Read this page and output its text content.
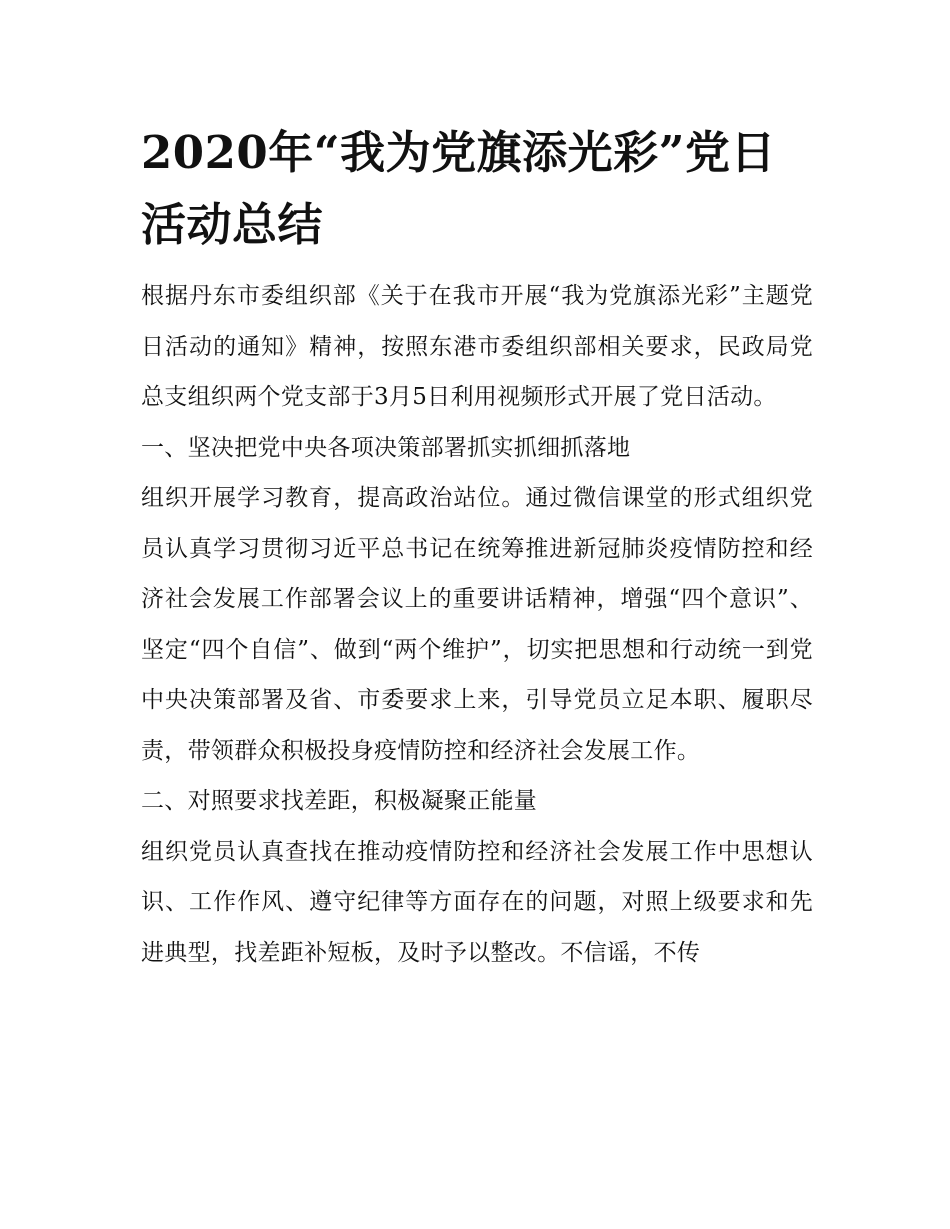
2020年“我为党旗添光彩”党日活动总结

根据丹东市委组织部《关于在我市开展“我为党旗添光彩”主题党日活动的通知》精神，按照东港市委组织部相关要求，民政局党总支组织两个党支部于3月5日利用视频形式开展了党日活动。

一、坚决把党中央各项决策部署抓实抓细抓落地

组织开展学习教育，提高政治站位。通过微信课堂的形式组织党员认真学习贯彻习近平总书记在统筹推进新冠肺炎疫情防控和经济社会发展工作部署会议上的重要讲话精神，增强“四个意识”、坚定“四个自信”、做到“两个维护”，切实把思想和行动统一到党中央决策部署及省、市委要求上来，引导党员立足本职、履职尽责，带领群众积极投身疫情防控和经济社会发展工作。

二、对照要求找差距，积极凝聚正能量

组织党员认真查找在推动疫情防控和经济社会发展工作中思想认识、工作作风、遵守纪律等方面存在的问题，对照上级要求和先进典型，找差距补短板，及时予以整改。不信谣，不传
